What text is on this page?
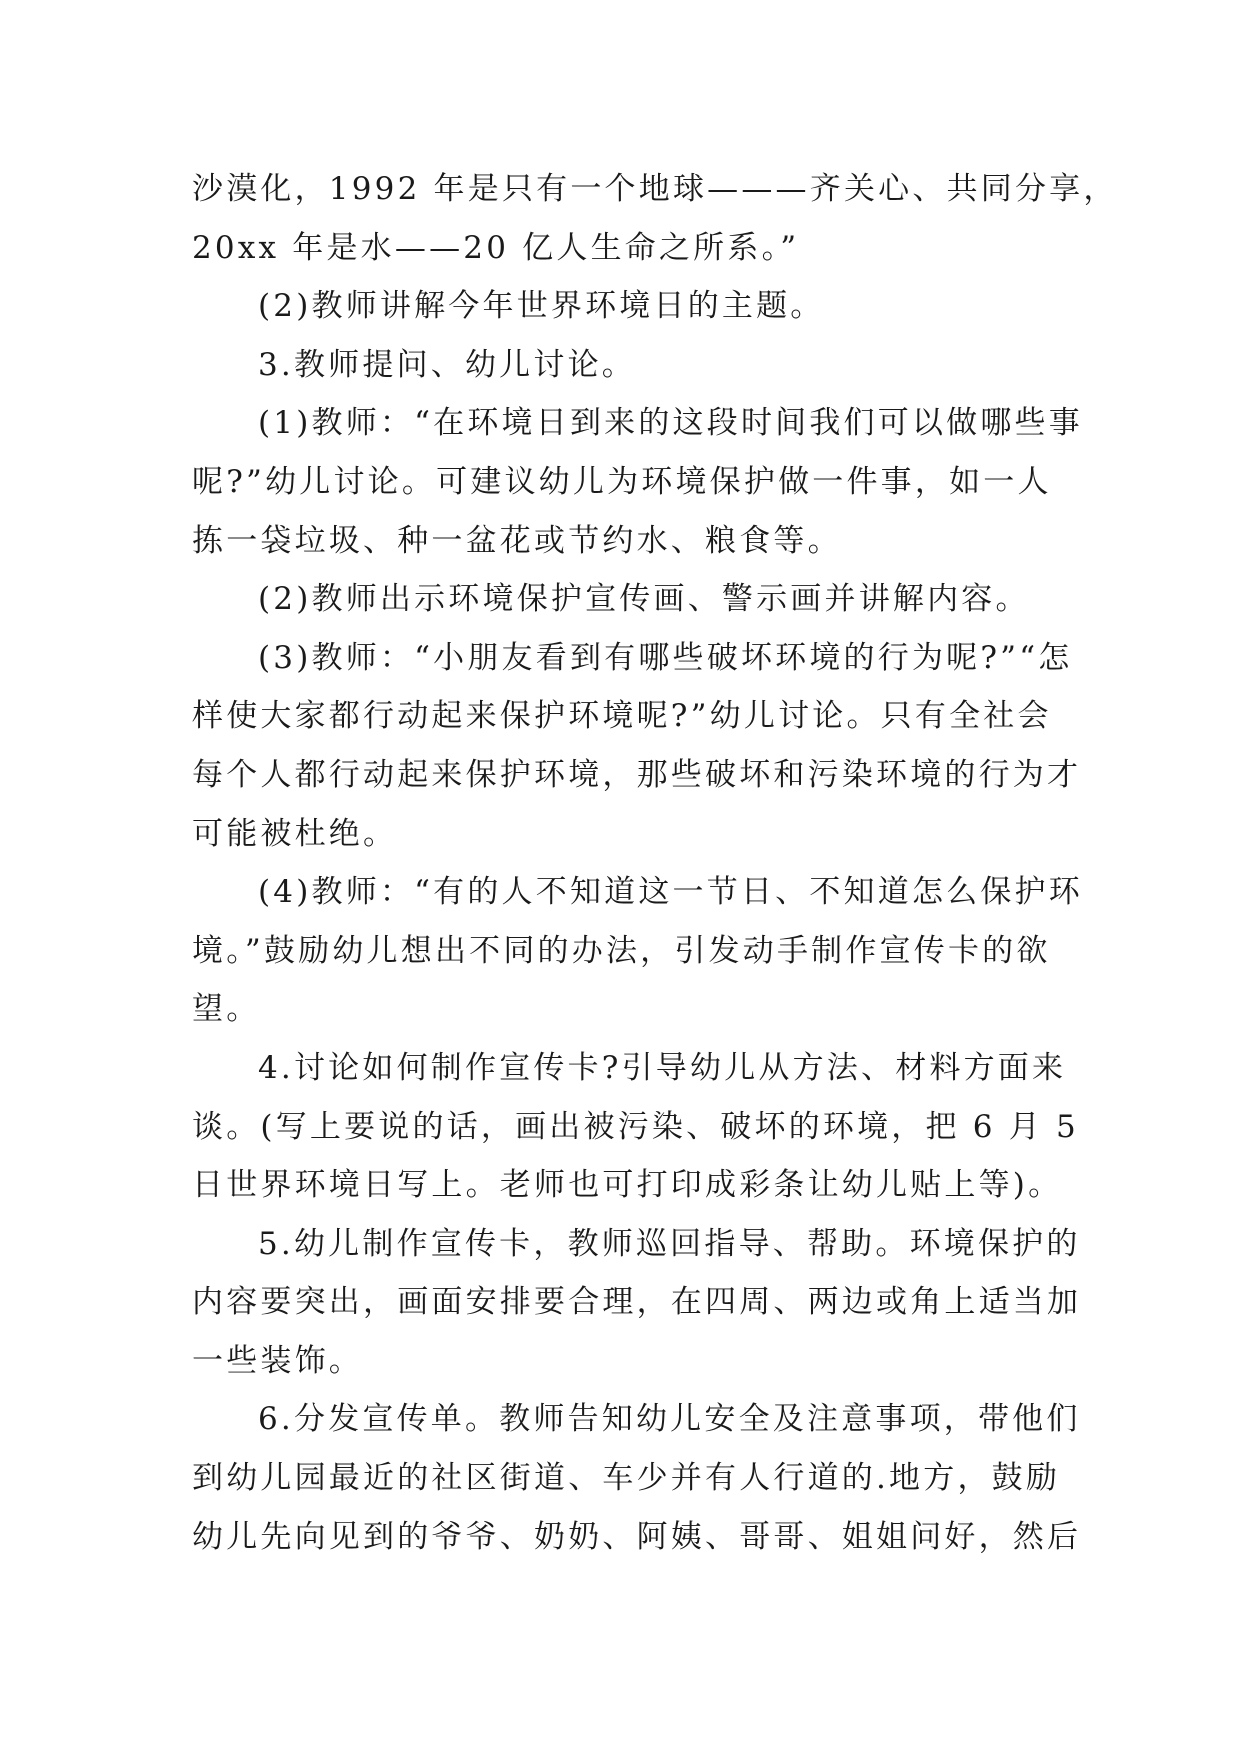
沙漠化，1992 年是只有一个地球———齐关心、共同分享，
20xx 年是水——20 亿人生命之所系。”
(2)教师讲解今年世界环境日的主题。
3.教师提问、幼儿讨论。
(1)教师：“在环境日到来的这段时间我们可以做哪些事
呢?”幼儿讨论。可建议幼儿为环境保护做一件事，如一人
拣一袋垃圾、种一盆花或节约水、粮食等。
(2)教师出示环境保护宣传画、警示画并讲解内容。
(3)教师：“小朋友看到有哪些破坏环境的行为呢?”“怎
样使大家都行动起来保护环境呢?”幼儿讨论。只有全社会
每个人都行动起来保护环境，那些破坏和污染环境的行为才
可能被杜绝。
(4)教师：“有的人不知道这一节日、不知道怎么保护环
境。”鼓励幼儿想出不同的办法，引发动手制作宣传卡的欲
望。
4.讨论如何制作宣传卡?引导幼儿从方法、材料方面来
谈。(写上要说的话，画出被污染、破坏的环境，把 6 月 5
日世界环境日写上。老师也可打印成彩条让幼儿贴上等)。
5.幼儿制作宣传卡，教师巡回指导、帮助。环境保护的
内容要突出，画面安排要合理，在四周、两边或角上适当加
一些装饰。
6.分发宣传单。教师告知幼儿安全及注意事项，带他们
到幼儿园最近的社区街道、车少并有人行道的.地方，鼓励
幼儿先向见到的爷爷、奶奶、阿姨、哥哥、姐姐问好，然后
